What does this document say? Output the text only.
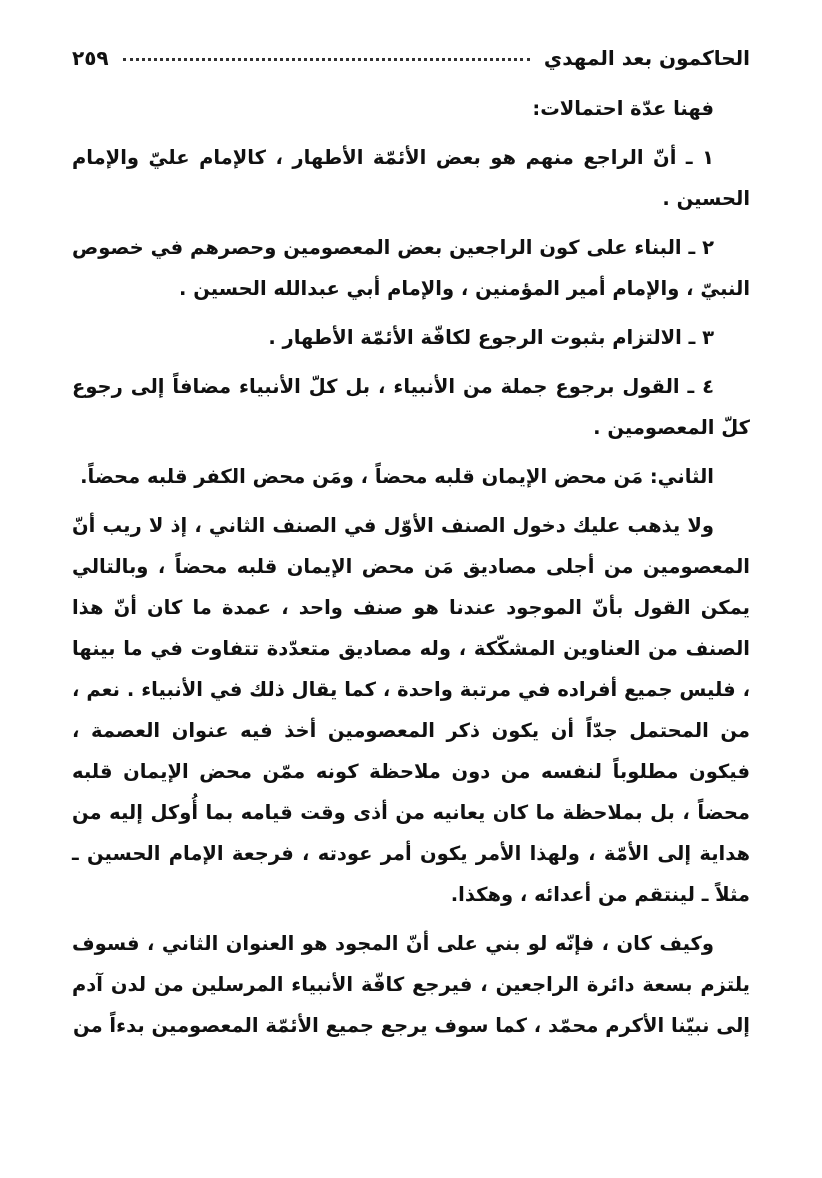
الحاكمون بعد المهدي
٢٥٩

فهنا عدّة احتمالات:

١ ـ أنّ الراجع منهم هو بعض الأئمّة الأطهار ، كالإمام عليّ والإمام الحسين .

٢ ـ البناء على كون الراجعين بعض المعصومين وحصرهم في خصوص النبيّ ، والإمام أمير المؤمنين ، والإمام أبي عبدالله الحسين .

٣ ـ الالتزام بثبوت الرجوع لكافّة الأئمّة الأطهار .

٤ ـ القول برجوع جملة من الأنبياء ، بل كلّ الأنبياء مضافاً إلى رجوع كلّ المعصومين .

الثاني: مَن محض الإيمان قلبه محضاً ، ومَن محض الكفر قلبه محضاً.

ولا يذهب عليك دخول الصنف الأوّل في الصنف الثاني ، إذ لا ريب أنّ المعصومين من أجلى مصاديق مَن محض الإيمان قلبه محضاً ، وبالتالي يمكن القول بأنّ الموجود عندنا هو صنف واحد ، عمدة ما كان أنّ هذا الصنف من العناوين المشكّكة ، وله مصاديق متعدّدة تتفاوت في ما بينها ، فليس جميع أفراده في مرتبة واحدة ، كما يقال ذلك في الأنبياء . نعم ، من المحتمل جدّاً أن يكون ذكر المعصومين أخذ فيه عنوان العصمة ، فيكون مطلوباً لنفسه من دون ملاحظة كونه ممّن محض الإيمان قلبه محضاً ، بل بملاحظة ما كان يعانيه من أذى وقت قيامه بما أُوكل إليه من هداية إلى الأمّة ، ولهذا الأمر يكون أمر عودته ، فرجعة الإمام الحسين ـ مثلاً ـ لينتقم من أعدائه ، وهكذا.

وكيف كان ، فإنّه لو بني على أنّ المجود هو العنوان الثاني ، فسوف يلتزم بسعة دائرة الراجعين ، فيرجع كافّة الأنبياء المرسلين من لدن آدم إلى نبيّنا الأكرم محمّد ، كما سوف يرجع جميع الأئمّة المعصومين بدءاً من
